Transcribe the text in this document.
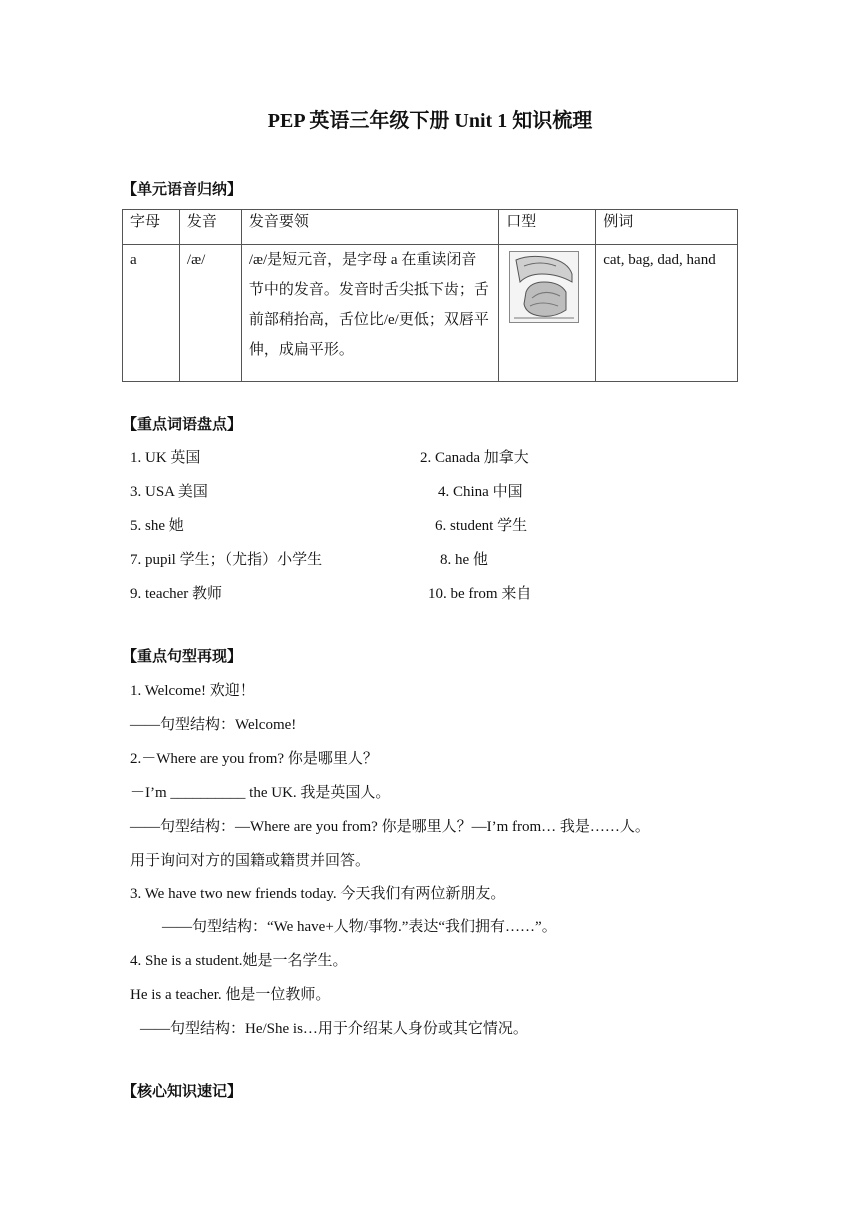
PEP 英语三年级下册 Unit 1 知识梳理
【单元语音归纳】
字母	发音	发音要领	口型	例词
a	/æ/	/æ/是短元音，是字母 a 在重读闭音节中的发音。发音时舌尖抵下齿；舌前部稍抬高，舌位比/e/更低；双唇平伸，成扁平形。		cat, bag, dad, hand
【重点词语盘点】
1. UK 英国	2. Canada 加拿大
3. USA 美国	4. China 中国
5. she 她	6. student 学生
7. pupil 学生；（尤指）小学生	8. he 他
9. teacher 教师	10. be from 来自
【重点句型再现】
1. Welcome! 欢迎！
——句型结构：Welcome!
2.－Where are you from? 你是哪里人？
－I’m __________ the UK. 我是英国人。
——句型结构：—Where are you from? 你是哪里人？—I’m from… 我是……人。
用于询问对方的国籍或籍贯并回答。
3. We have two new friends today. 今天我们有两位新朋友。
——句型结构：“We have+人物/事物.”表达“我们拥有……”。
4. She is a student.她是一名学生。
He is a teacher. 他是一位教师。
——句型结构：He/She is…用于介绍某人身份或其它情况。
【核心知识速记】
